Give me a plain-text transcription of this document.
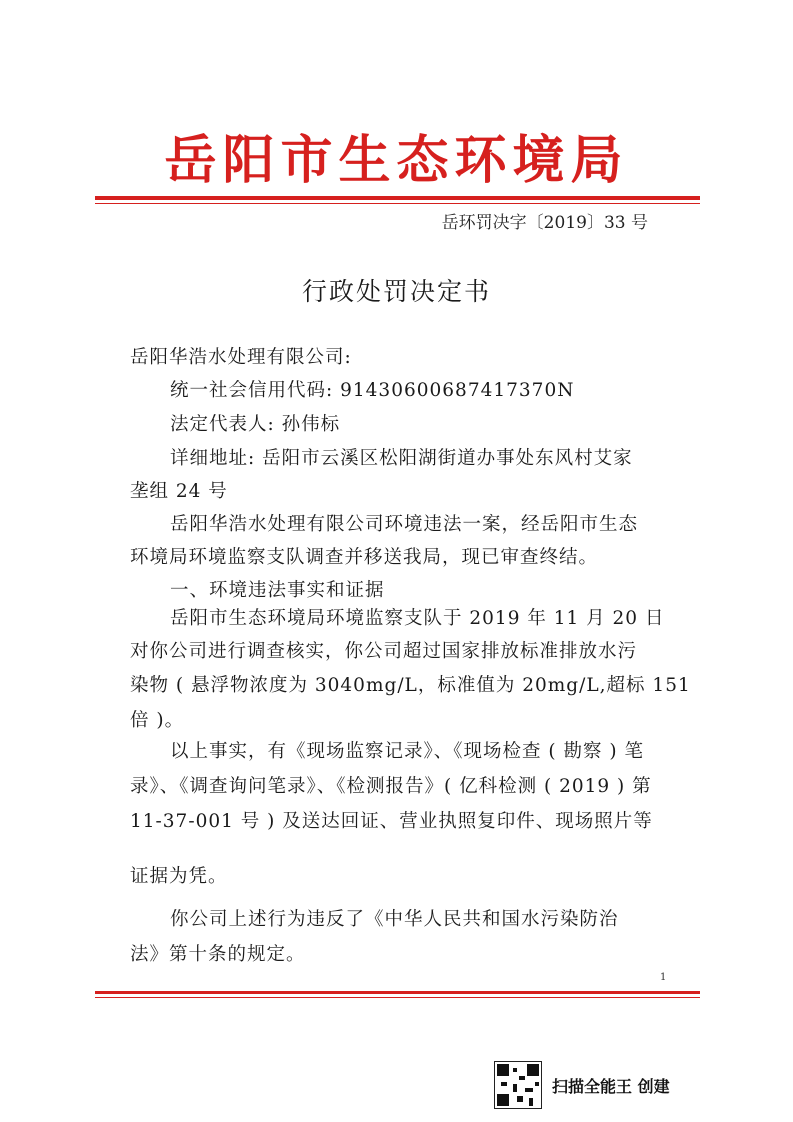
岳阳市生态环境局
岳环罚决字〔2019〕33 号
行政处罚决定书
岳阳华浩水处理有限公司:
统一社会信用代码: 91430600687417370N
法定代表人: 孙伟标
详细地址: 岳阳市云溪区松阳湖街道办事处东风村艾家
垄组 24 号
岳阳华浩水处理有限公司环境违法一案，经岳阳市生态
环境局环境监察支队调查并移送我局，现已审查终结。
一、环境违法事实和证据
岳阳市生态环境局环境监察支队于 2019 年 11 月 20 日
对你公司进行调查核实，你公司超过国家排放标准排放水污
染物 ( 悬浮物浓度为 3040mg/L，标准值为 20mg/L,超标 151
倍 )。
以上事实，有《现场监察记录》、《现场检查 ( 勘察 ) 笔
录》、《调查询问笔录》、《检测报告》( 亿科检测 ( 2019 ) 第
11-37-001 号 ) 及送达回证、营业执照复印件、现场照片等
证据为凭。
你公司上述行为违反了《中华人民共和国水污染防治
法》第十条的规定。
1
扫描全能王 创建
